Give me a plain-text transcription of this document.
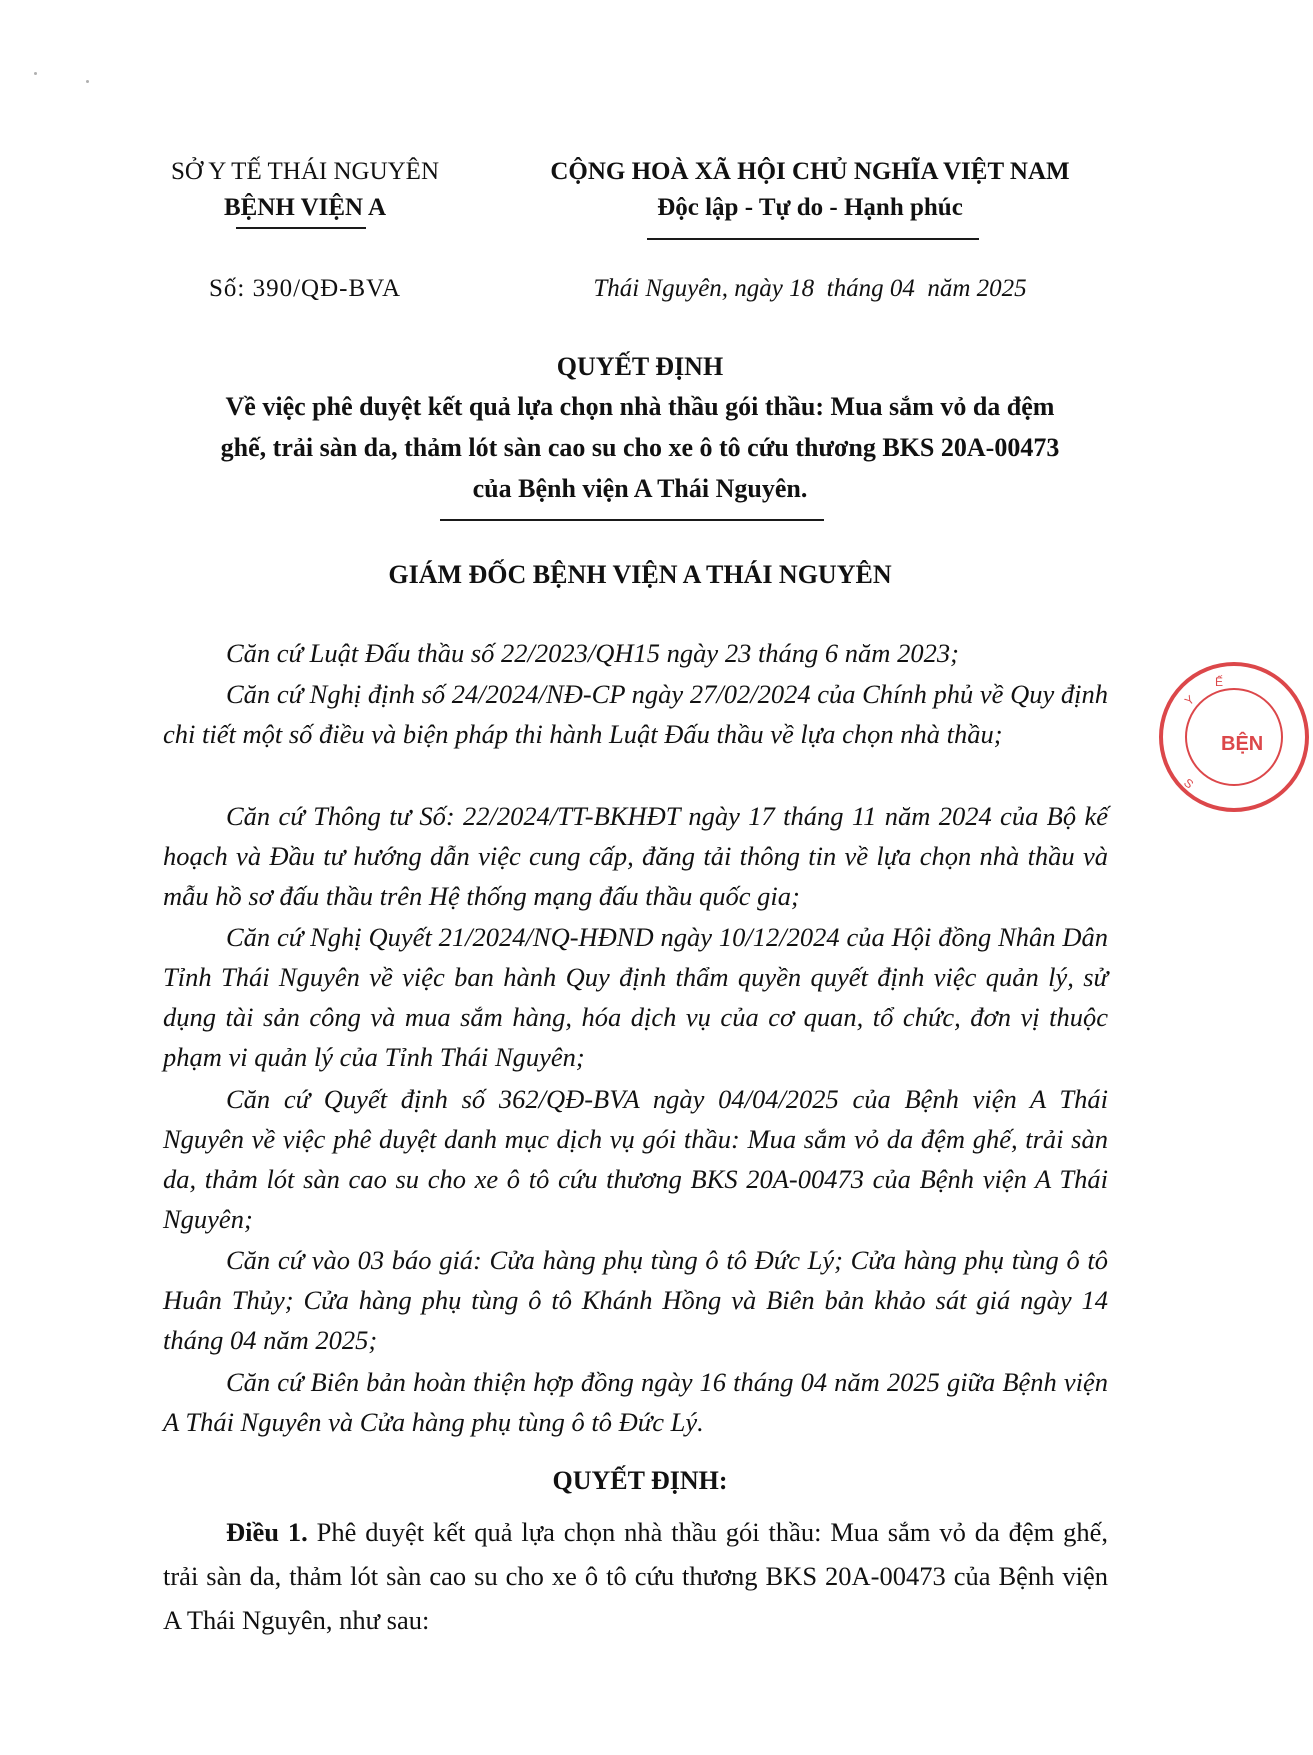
SỞ Y TẾ THÁI NGUYÊN
BỆNH VIỆN A
Số: 390/QĐ-BVA
CỘNG HOÀ XÃ HỘI CHỦ NGHĨA VIỆT NAM
Độc lập - Tự do - Hạnh phúc
Thái Nguyên, ngày 18  tháng 04  năm 2025
QUYẾT ĐỊNH
Về việc phê duyệt kết quả lựa chọn nhà thầu gói thầu: Mua sắm vỏ da đệm
ghế, trải sàn da, thảm lót sàn cao su cho xe ô tô cứu thương BKS 20A-00473
của Bệnh viện A Thái Nguyên.
GIÁM ĐỐC BỆNH VIỆN A THÁI NGUYÊN
Căn cứ Luật Đấu thầu số 22/2023/QH15 ngày 23 tháng 6 năm 2023;
Căn cứ Nghị định số 24/2024/NĐ-CP ngày 27/02/2024 của Chính phủ về Quy định chi tiết một số điều và biện pháp thi hành Luật Đấu thầu về lựa chọn nhà thầu;
Căn cứ Thông tư Số: 22/2024/TT-BKHĐT ngày 17 tháng 11 năm 2024 của Bộ kế hoạch và Đầu tư hướng dẫn việc cung cấp, đăng tải thông tin về lựa chọn nhà thầu và mẫu hồ sơ đấu thầu trên Hệ thống mạng đấu thầu quốc gia;
Căn cứ Nghị Quyết 21/2024/NQ-HĐND ngày 10/12/2024 của Hội đồng Nhân Dân Tỉnh Thái Nguyên về việc ban hành Quy định thẩm quyền quyết định việc quản lý, sử dụng tài sản công và mua sắm hàng, hóa dịch vụ của cơ quan, tổ chức, đơn vị thuộc phạm vi quản lý của Tỉnh Thái Nguyên;
Căn cứ Quyết định số 362/QĐ-BVA ngày 04/04/2025 của Bệnh viện A Thái Nguyên về việc phê duyệt danh mục dịch vụ gói thầu: Mua sắm vỏ da đệm ghế, trải sàn da, thảm lót sàn cao su cho xe ô tô cứu thương BKS 20A-00473 của Bệnh viện A Thái Nguyên;
Căn cứ vào 03 báo giá: Cửa hàng phụ tùng ô tô Đức Lý; Cửa hàng phụ tùng ô tô Huân Thủy; Cửa hàng phụ tùng ô tô Khánh Hồng và Biên bản khảo sát giá ngày 14 tháng 04 năm 2025;
Căn cứ Biên bản hoàn thiện hợp đồng ngày 16 tháng 04 năm 2025 giữa Bệnh viện A Thái Nguyên và Cửa hàng phụ tùng ô tô Đức Lý.
QUYẾT ĐỊNH:
Điều 1. Phê duyệt kết quả lựa chọn nhà thầu gói thầu: Mua sắm vỏ da đệm ghế, trải sàn da, thảm lót sàn cao su cho xe ô tô cứu thương BKS 20A-00473 của Bệnh viện A Thái Nguyên, như sau:
BỆN
Y
Ế
S
